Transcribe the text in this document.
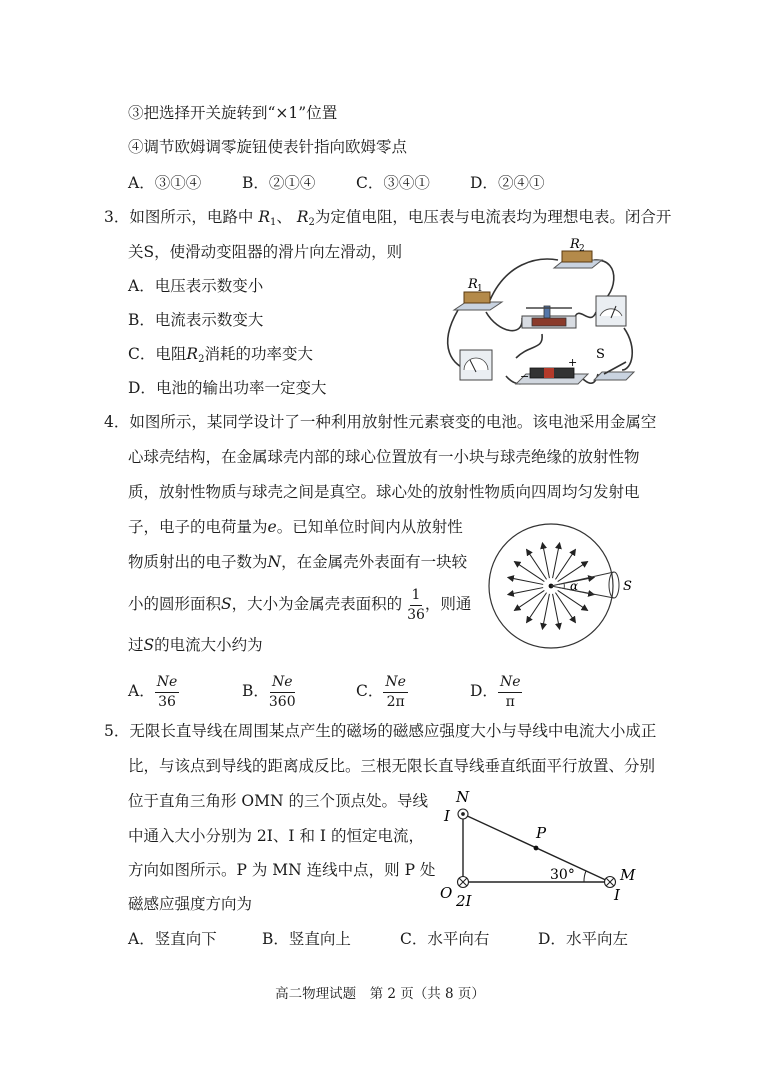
③把选择开关旋转到“×1”位置
④调节欧姆调零旋钮使表针指向欧姆零点
A．③①④	B．②①④	C．③④①	D．②④①
3．如图所示，电路中 $R_1$、 $R_2$为定值电阻，电压表与电流表均为理想电表。闭合开
关S，使滑动变阻器的滑片向左滑动，则
A．电压表示数变小
B．电流表示数变大
C．电阻$R_2$消耗的功率变大
D．电池的输出功率一定变大
R 1
R 2
−
+
S
4．如图所示，某同学设计了一种利用放射性元素衰变的电池。该电池采用金属空
心球壳结构，在金属球壳内部的球心位置放有一小块与球壳绝缘的放射性物
质，放射性物质与球壳之间是真空。球心处的放射性物质向四周均匀发射电
子，电子的电荷量为e。已知单位时间内从放射性
物质射出的电子数为N，在金属壳外表面有一块较
小的圆形面积S，大小为金属壳表面积的 $\frac{1}{36}$ ，则通
过S的电流大小约为
A． $\frac{Ne}{36}$	B． $\frac{Ne}{360}$	C． $\frac{Ne}{2\pi}$	D． $\frac{Ne}{\pi}$
α	S
5．无限长直导线在周围某点产生的磁场的磁感应强度大小与导线中电流大小成正
比，与该点到导线的距离成反比。三根无限长直导线垂直纸面平行放置、分别
位于直角三角形 OMN 的三个顶点处。导线
中通入大小分别为 2I、I 和 I 的恒定电流，
方向如图所示。P 为 MN 连线中点，则 P 处
磁感应强度方向为
A．竖直向下	B．竖直向上	C．水平向右	D．水平向左
N
I
P
30°	M
I
O 2I
高二物理试题　第 2 页（共 8 页）
